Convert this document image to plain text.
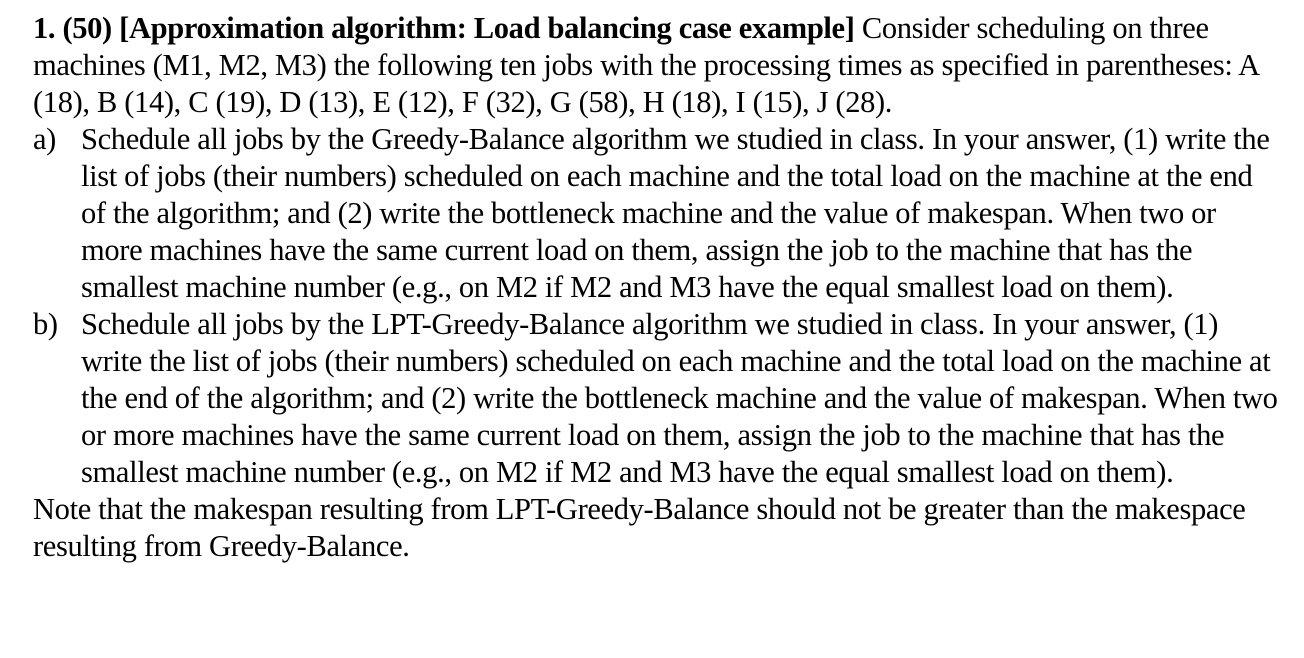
1. (50) [Approximation algorithm: Load balancing case example] Consider scheduling on three machines (M1, M2, M3) the following ten jobs with the processing times as specified in parentheses: A (18), B (14), C (19), D (13), E (12), F (32), G (58), H (18), I (15), J (28).

a) Schedule all jobs by the Greedy-Balance algorithm we studied in class. In your answer, (1) write the list of jobs (their numbers) scheduled on each machine and the total load on the machine at the end of the algorithm; and (2) write the bottleneck machine and the value of makespan. When two or more machines have the same current load on them, assign the job to the machine that has the smallest machine number (e.g., on M2 if M2 and M3 have the equal smallest load on them).
b) Schedule all jobs by the LPT-Greedy-Balance algorithm we studied in class. In your answer, (1) write the list of jobs (their numbers) scheduled on each machine and the total load on the machine at the end of the algorithm; and (2) write the bottleneck machine and the value of makespan. When two or more machines have the same current load on them, assign the job to the machine that has the smallest machine number (e.g., on M2 if M2 and M3 have the equal smallest load on them).

Note that the makespan resulting from LPT-Greedy-Balance should not be greater than the makespace resulting from Greedy-Balance.
